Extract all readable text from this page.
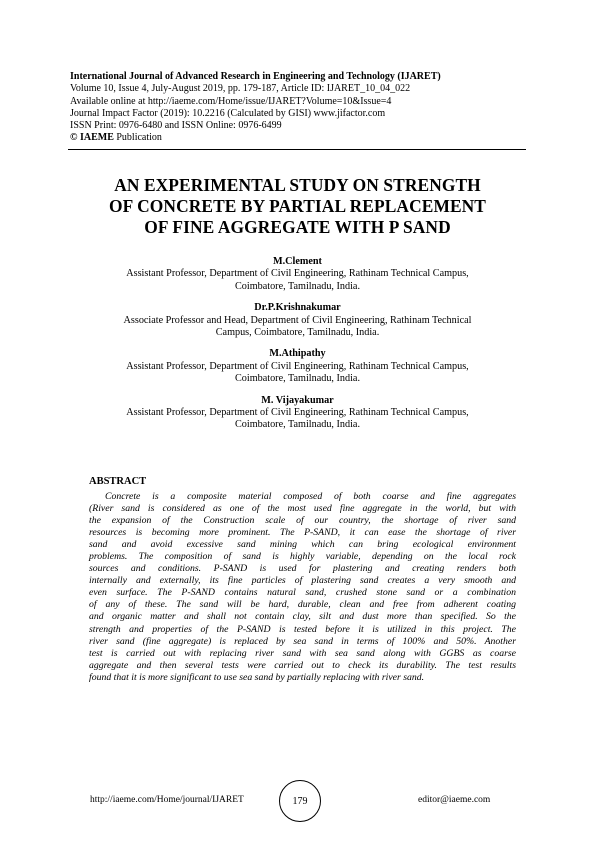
International Journal of Advanced Research in Engineering and Technology (IJARET)
Volume 10, Issue 4, July-August 2019, pp. 179-187, Article ID: IJARET_10_04_022
Available online at http://iaeme.com/Home/issue/IJARET?Volume=10&Issue=4
Journal Impact Factor (2019): 10.2216 (Calculated by GISI) www.jifactor.com
ISSN Print: 0976-6480 and ISSN Online: 0976-6499
© IAEME Publication
AN EXPERIMENTAL STUDY ON STRENGTH
OF CONCRETE BY PARTIAL REPLACEMENT
OF FINE AGGREGATE WITH P SAND
M.Clement
Assistant Professor, Department of Civil Engineering, Rathinam Technical Campus,
Coimbatore, Tamilnadu, India.
Dr.P.Krishnakumar
Associate Professor and Head, Department of Civil Engineering, Rathinam Technical
Campus, Coimbatore, Tamilnadu, India.
M.Athipathy
Assistant Professor, Department of Civil Engineering, Rathinam Technical Campus,
Coimbatore, Tamilnadu, India.
M. Vijayakumar
Assistant Professor, Department of Civil Engineering, Rathinam Technical Campus,
Coimbatore, Tamilnadu, India.
ABSTRACT
Concrete is a composite material composed of both coarse and fine aggregates
(River sand is considered as one of the most used fine aggregate in the world, but with
the expansion of the Construction scale of our country, the shortage of river sand
resources is becoming more prominent. The P-SAND, it can ease the shortage of river
sand and avoid excessive sand mining which can bring ecological environment
problems. The composition of sand is highly variable, depending on the local rock
sources and conditions. P-SAND is used for plastering and creating renders both
internally and externally, its fine particles of plastering sand creates a very smooth and
even surface. The P-SAND contains natural sand, crushed stone sand or a combination
of any of these. The sand will be hard, durable, clean and free from adherent coating
and organic matter and shall not contain clay, silt and dust more than specified. So the
strength and properties of the P-SAND is tested before it is utilized in this project. The
river sand (fine aggregate) is replaced by sea sand in terms of 100% and 50%. Another
test is carried out with replacing river sand with sea sand along with GGBS as coarse
aggregate and then several tests were carried out to check its durability. The test results
found that it is more significant to use sea sand by partially replacing with river sand.
http://iaeme.com/Home/journal/IJARET	179	editor@iaeme.com
